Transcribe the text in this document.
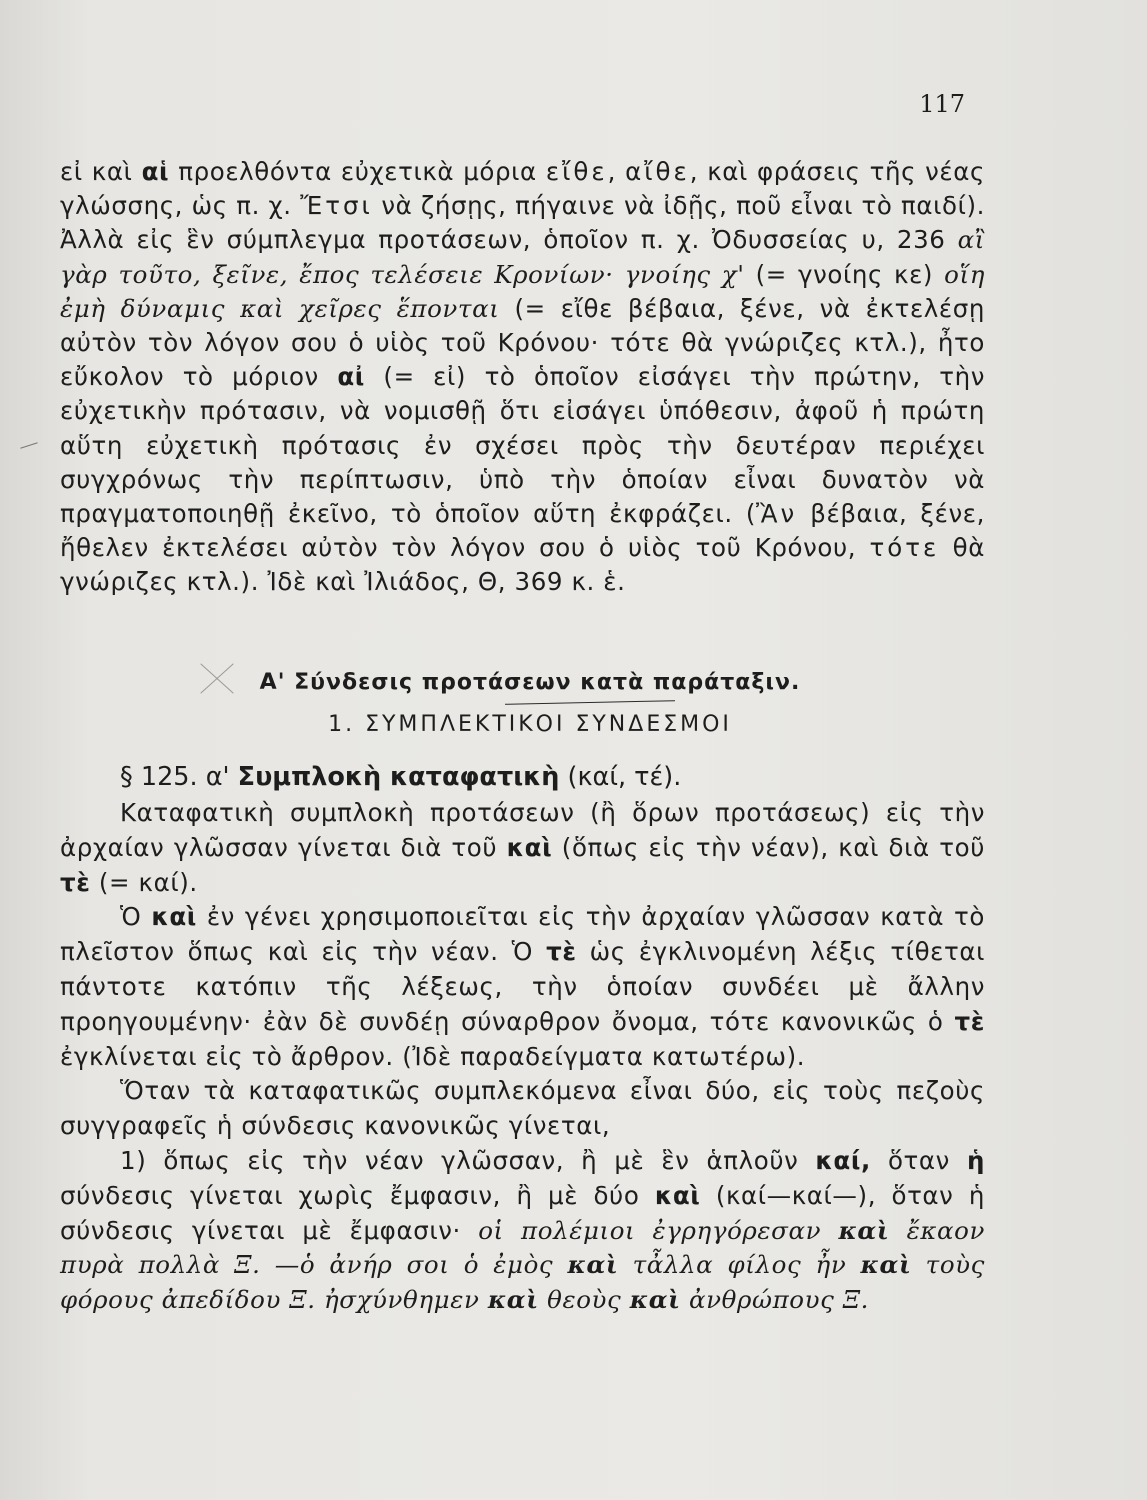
117

εἰ καὶ αἱ προελθόντα εὐχετικὰ μόρια εἴθε, αἴθε, καὶ φράσεις τῆς νέας γλώσσης, ὡς π. χ. Ἔτσι νὰ ζήσῃς, πήγαινε νὰ ἰδῇς, ποῦ εἶναι τὸ παιδί). Ἀλλὰ εἰς ἓν σύμπλεγμα προτάσεων, ὁποῖον π. χ. Ὀδυσσείας υ, 236 αἲ γὰρ τοῦτο, ξεῖνε, ἔπος τελέσειε Κρονίων· γνοίης χ' (= γνοίης κε) οἵη ἐμὴ δύναμις καὶ χεῖρες ἕπονται (= εἴθε βέβαια, ξένε, νὰ ἐκτελέσῃ αὐτὸν τὸν λόγον σου ὁ υἱὸς τοῦ Κρόνου· τότε θὰ γνώριζες κτλ.), ἦτο εὔκολον τὸ μόριον αἰ (= εἰ) τὸ ὁποῖον εἰσάγει τὴν πρώτην, τὴν εὐχετικὴν πρότασιν, νὰ νομισθῇ ὅτι εἰσάγει ὑπόθεσιν, ἀφοῦ ἡ πρώτη αὕτη εὐχετικὴ πρότασις ἐν σχέσει πρὸς τὴν δευτέραν περιέχει συγχρόνως τὴν περίπτωσιν, ὑπὸ τὴν ὁποίαν εἶναι δυνατὸν νὰ πραγματοποιηθῇ ἐκεῖνο, τὸ ὁποῖον αὕτη ἐκφράζει. (Ἂν βέβαια, ξένε, ἤθελεν ἐκτελέσει αὐτὸν τὸν λόγον σου ὁ υἱὸς τοῦ Κρόνου, τότε θὰ γνώριζες κτλ.). Ἰδὲ καὶ Ἰλιάδος, Θ, 369 κ. ἑ.

Α' Σύνδεσις προτάσεων κατὰ παράταξιν.
1. ΣΥΜΠΛΕΚΤΙΚΟΙ ΣΥΝΔΕΣΜΟΙ
§ 125. α' Συμπλοκὴ καταφατικὴ (καί, τέ).

Καταφατικὴ συμπλοκὴ προτάσεων (ἢ ὅρων προτάσεως) εἰς τὴν ἀρχαίαν γλῶσσαν γίνεται διὰ τοῦ καὶ (ὅπως εἰς τὴν νέαν), καὶ διὰ τοῦ τὲ (= καί).

Ὁ καὶ ἐν γένει χρησιμοποιεῖται εἰς τὴν ἀρχαίαν γλῶσσαν κατὰ τὸ πλεῖστον ὅπως καὶ εἰς τὴν νέαν. Ὁ τὲ ὡς ἐγκλινομένη λέξις τίθεται πάντοτε κατόπιν τῆς λέξεως, τὴν ὁποίαν συνδέει μὲ ἄλλην προηγουμένην· ἐὰν δὲ συνδέῃ σύναρθρον ὄνομα, τότε κανονικῶς ὁ τὲ ἐγκλίνεται εἰς τὸ ἄρθρον. (Ἰδὲ παραδείγματα κατωτέρω).

Ὅταν τὰ καταφατικῶς συμπλεκόμενα εἶναι δύο, εἰς τοὺς πεζοὺς συγγραφεῖς ἡ σύνδεσις κανονικῶς γίνεται,

1) ὅπως εἰς τὴν νέαν γλῶσσαν, ἢ μὲ ἓν ἁπλοῦν καί, ὅταν ἡ σύνδεσις γίνεται χωρὶς ἔμφασιν, ἢ μὲ δύο καὶ (καί—καί—), ὅταν ἡ σύνδεσις γίνεται μὲ ἔμφασιν· οἱ πολέμιοι ἐγρηγόρεσαν καὶ ἔκαον πυρὰ πολλὰ Ξ. —ὁ ἀνήρ σοι ὁ ἐμὸς καὶ τἆλλα φίλος ἦν καὶ τοὺς φόρους ἀπεδίδου Ξ. ἠσχύνθημεν καὶ θεοὺς καὶ ἀνθρώπους Ξ.
